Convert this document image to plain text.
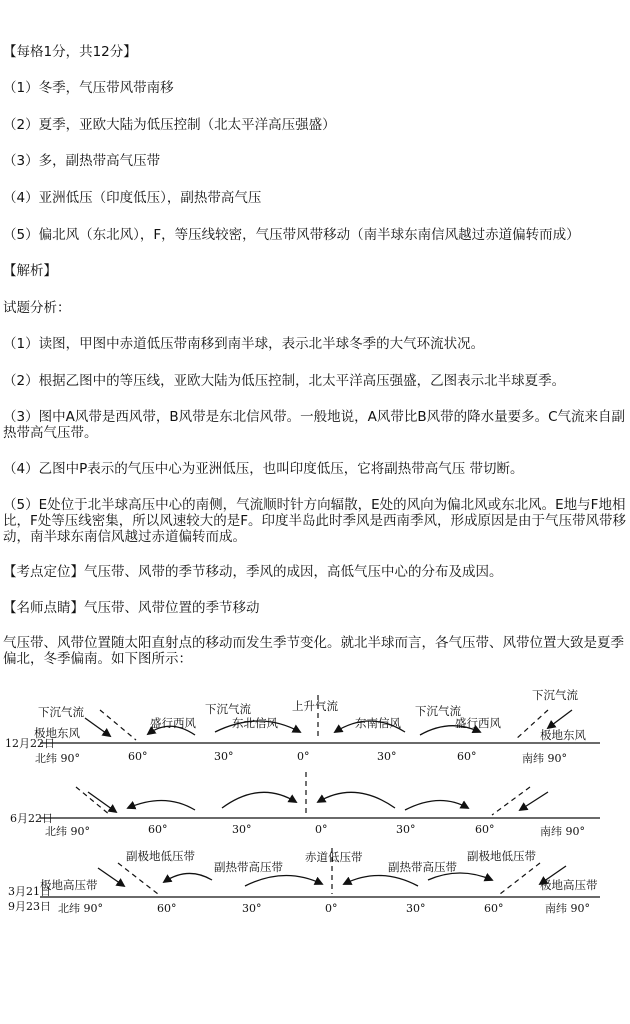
【每格1分，共12分】
（1）冬季，气压带风带南移
（2）夏季，亚欧大陆为低压控制（北太平洋高压强盛）
（3）多，副热带高气压带
（4）亚洲低压（印度低压），副热带高气压
（5）偏北风（东北风），F，等压线较密，气压带风带移动（南半球东南信风越过赤道偏转而成）
【解析】
试题分析：
（1）读图，甲图中赤道低压带南移到南半球，表示北半球冬季的大气环流状况。
（2）根据乙图中的等压线，亚欧大陆为低压控制，北太平洋高压强盛，乙图表示北半球夏季。
（3）图中A风带是西风带，B风带是东北信风带。一般地说，A风带比B风带的降水量要多。C气流来自副热带高气压带。
（4）乙图中P表示的气压中心为亚洲低压，也叫印度低压，它将副热带高气压 带切断。
（5）E处位于北半球高压中心的南侧，气流顺时针方向辐散，E处的风向为偏北风或东北风。E地与F地相比，F处等压线密集，所以风速较大的是F。印度半岛此时季风是西南季风，形成原因是由于气压带风带移动，南半球东南信风越过赤道偏转而成。
【考点定位】气压带、风带的季节移动，季风的成因，高低气压中心的分布及成因。
【名师点睛】气压带、风带位置的季节移动
气压带、风带位置随太阳直射点的移动而发生季节变化。就北半球而言，各气压带、风带位置大致是夏季偏北，冬季偏南。如下图所示：
12月22日
北纬 90°	南纬 90°
60°	30°	0°	30°	60°
下沉气流
极地东风
盛行西风
下沉气流
东北信风
上升气流
东南信风
下沉气流
盛行西风
下沉气流
极地东风
6月22日
北纬 90°	南纬 90°
60°	30°	0°	30°	60°
3月21日
9月23日 北纬 90°	南纬 90°
60°	30°	0°	30°	60°
副极地低压带
极地高压带
副热带高压带
赤道低压带
副热带高压带
副极地低压带
极地高压带
